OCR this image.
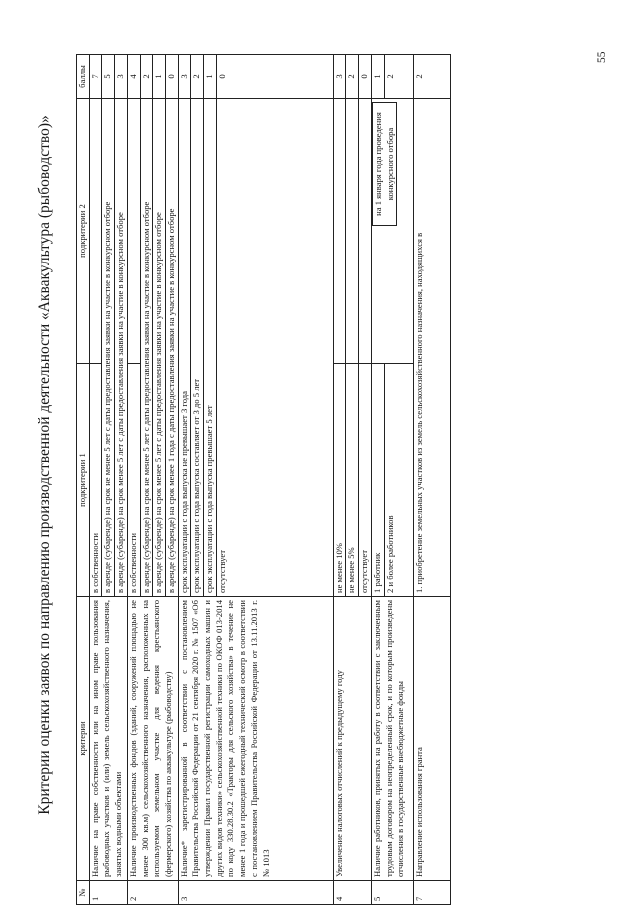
Критерии оценки заявок по направлению производственной деятельности «Аквакультура (рыбоводство)»
№	критерии	подкритерии 1	подкритерии 2	баллы
1	Наличие на праве собственности или на ином праве пользования рыбоводных участков и (или) земель сельскохозяйственного назначения, занятых водными объектами	в собственности		7
		в аренде (субаренде) на срок не менее 5 лет с даты предоставления заявки на участие в конкурсном отборе		5
		в аренде (субаренде) на срок менее 5 лет с даты предоставления заявки на участие в конкурсном отборе		3
2	Наличие производственных фондов (зданий, сооружений площадью не менее 300 кв.м) сельскохозяйственного назначения, расположенных на используемом земельном участке для ведения крестьянского (фермерского) хозяйства по аквакультуре (рыбоводству)	в собственности		4
		в аренде (субаренде) на срок не менее 5 лет с даты предоставления заявки на участие в конкурсном отборе		2
		в аренде (субаренде) на срок менее 5 лет с даты предоставления заявки на участие в конкурсном отборе		1
		в аренде (субаренде) на срок менее 1 года с даты предоставления заявки на участие в конкурсном отборе		0
3	Наличие* зарегистрированной в соответствии с постановлением Правительства Российской Федерации от 21 сентября 2020 г. № 1507 «Об утверждении Правил государственной регистрации самоходных машин и других видов техники» сельскохозяйственной техники по ОКОФ 013-2014 по коду 330.28.30.2 «Тракторы для сельского хозяйства» в течение не менее 1 года и прошедшей ежегодный технический осмотр в соответствии с постановлением Правительства Российской Федерации от 13.11.2013 г. № 1013	срок эксплуатации с года выпуска не превышает 3 года		3
		срок эксплуатации с года выпуска составляет от 3 до 5 лет		2
		срок эксплуатации с года выпуска превышает 5 лет		1
		отсутствует		0
4	Увеличение налоговых отчислений к предыдущему году	не менее 10%		3
		не менее 5%		2
		отсутствует		0
5	Наличие работников, принятых на работу в соответствии с заключенным трудовым договором на неопределенный срок, и по которым произведены отчисления в государственные внебюджетные фонды	1 работник	на 1 января года проведения конкурсного отбора	1
		2 и более работников		2
7	Направление использования гранта	1. приобретение земельных участков из земель сельскохозяйственного назначения, находящихся в		2
55
